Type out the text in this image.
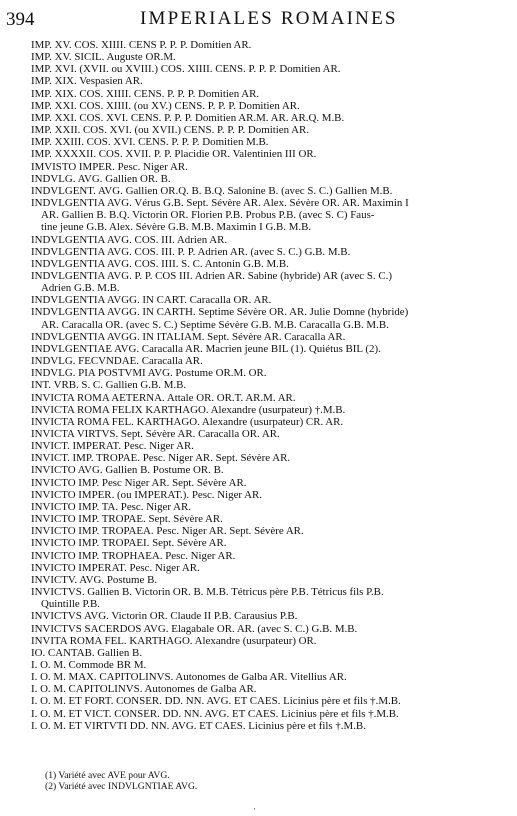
394	IMPERIALES ROMAINES
IMP. XV. COS. XIIII. CENS P. P. P. Domitien AR.
IMP. XV. SICIL. Auguste OR.M.
IMP. XVI. (XVII. ou XVIII.) COS. XIIII. CENS. P. P. P. Domitien AR.
IMP. XIX. Vespasien AR.
IMP. XIX. COS. XIIII. CENS. P. P. P. Domitien AR.
IMP. XXI. COS. XIIII. (ou XV.) CENS. P. P. P. Domitien AR.
IMP. XXI. COS. XVI. CENS. P. P. P. Domitien AR.M. AR. AR.Q. M.B.
IMP. XXII. COS. XVI. (ou XVII.) CENS. P. P. P. Domitien AR.
IMP. XXIII. COS. XVI. CENS. P. P. P. Domitien M.B.
IMP. XXXXII. COS. XVII. P. P. Placidie OR. Valentinien III OR.
IMVISTO IMPER. Pesc. Niger AR.
INDVLG. AVG. Gallien OR. B.
INDVLGENT. AVG. Gallien OR.Q. B. B.Q. Salonine B. (avec S. C.) Gallien M.B.
INDVLGENTIA AVG. Vérus G.B. Sept. Sévère AR. Alex. Sévère OR. AR. Maximin I
AR. Gallien B. B.Q. Victorin OR. Florien P.B. Probus P.B. (avec S. C) Faus-
tine jeune G.B. Alex. Sévère G.B. M.B. Maximin I G.B. M.B.
INDVLGENTIA AVG. COS. III. Adrien AR.
INDVLGENTIA AVG. COS. III. P. P. Adrien AR. (avec S. C.) G.B. M.B.
INDVLGENTIA AVG. COS. IIII. S. C. Antonin G.B. M.B.
INDVLGENTIA AVG. P. P. COS III. Adrien AR. Sabine (hybride) AR (avec S. C.)
Adrien G.B. M.B.
INDVLGENTIA AVGG. IN CART. Caracalla OR. AR.
INDVLGENTIA AVGG. IN CARTH. Septime Sévère OR. AR. Julie Domne (hybride)
AR. Caracalla OR. (avec S. C.) Septime Sévère G.B. M.B. Caracalla G.B. M.B.
INDVLGENTIA AVGG. IN ITALIAM. Sept. Sévère AR. Caracalla AR.
INDVLGENTIAE AVG. Caracalla AR. Macrien jeune BIL (1). Quiétus BIL (2).
INDVLG. FECVNDAE. Caracalla AR.
INDVLG. PIA POSTVMI AVG. Postume OR.M. OR.
INT. VRB. S. C. Gallien G.B. M.B.
INVICTA ROMA AETERNA. Attale OR. OR.T. AR.M. AR.
INVICTA ROMA FELIX KARTHAGO. Alexandre (usurpateur) †.M.B.
INVICTA ROMA FEL. KARTHAGO. Alexandre (usurpateur) CR. AR.
INVICTA VIRTVS. Sept. Sévère AR. Caracalla OR. AR.
INVICT. IMPERAT. Pesc. Niger AR.
INVICT. IMP. TROPAE. Pesc. Niger AR. Sept. Sévère AR.
INVICTO AVG. Gallien B. Postume OR. B.
INVICTO IMP. Pesc Niger AR. Sept. Sévère AR.
INVICTO IMPER. (ou IMPERAT.). Pesc. Niger AR.
INVICTO IMP. TA. Pesc. Niger AR.
INVICTO IMP. TROPAE. Sept. Sévère AR.
INVICTO IMP. TROPAEA. Pesc. Niger AR. Sept. Sévère AR.
INVICTO IMP. TROPAEI. Sept. Sévère AR.
INVICTO IMP. TROPHAEA. Pesc. Niger AR.
INVICTO IMPERAT. Pesc. Niger AR.
INVICTV. AVG. Postume B.
INVICTVS. Gallien B. Victorin OR. B. M.B. Tétricus père P.B. Tétricus fils P.B.
Quintille P.B.
INVICTVS AVG. Victorin OR. Claude II P.B. Carausius P.B.
INVICTVS SACERDOS AVG. Elagabale OR. AR. (avec S. C.) G.B. M.B.
INVITA ROMA FEL. KARTHAGO. Alexandre (usurpateur) OR.
IO. CANTAB. Gallien B.
I. O. M. Commode BR M.
I. O. M. MAX. CAPITOLINVS. Autonomes de Galba AR. Vitellius AR.
I. O. M. CAPITOLINVS. Autonomes de Galba AR.
I. O. M. ET FORT. CONSER. DD. NN. AVG. ET CAES. Licinius père et fils †.M.B.
I. O. M. ET VICT. CONSER. DD. NN. AVG. ET CAES. Licinius père et fils †.M.B.
I. O. M. ET VIRTVTI DD. NN. AVG. ET CAES. Licinius père et fils †.M.B.
(1) Variété avec AVE pour AVG.
(2) Variété avec INDVLGNTIAE AVG.
·
